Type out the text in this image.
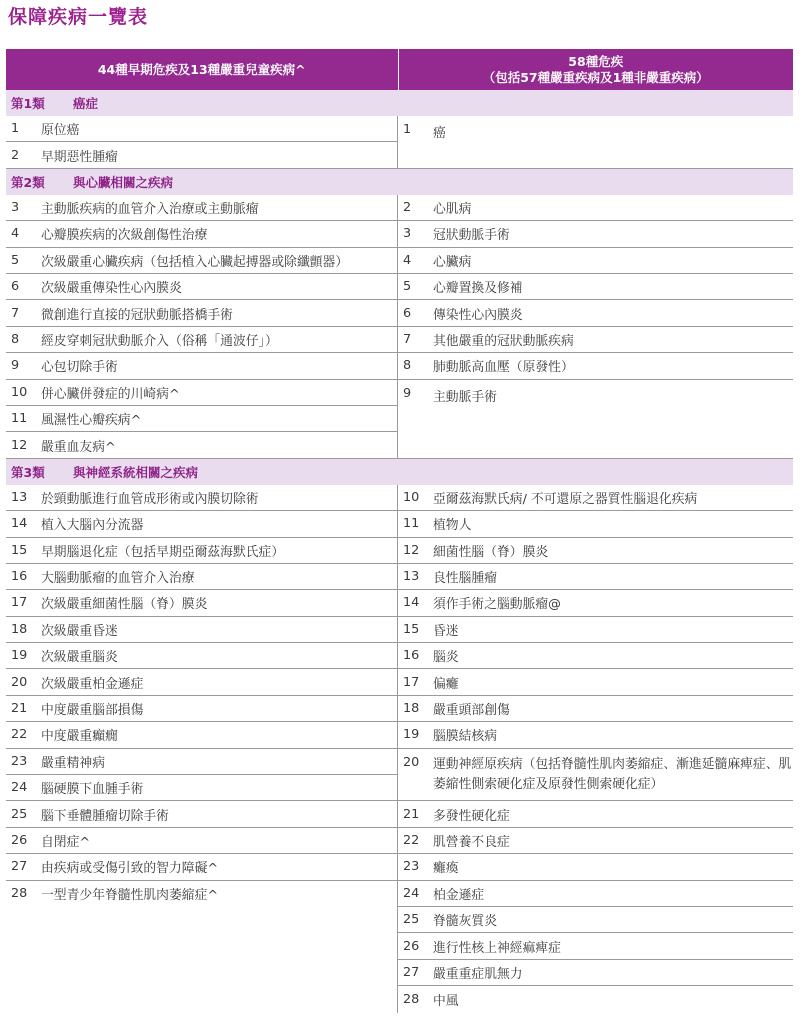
保障疾病一覽表
44種早期危疾及13種嚴重兒童疾病^
58種危疾
（包括57種嚴重疾病及1種非嚴重疾病）
第1類	癌症
1	原位癌
2	早期惡性腫瘤
1	癌
第2類	與心臟相關之疾病
3	主動脈疾病的血管介入治療或主動脈瘤
4	心瓣膜疾病的次級創傷性治療
5	次級嚴重心臟疾病（包括植入心臟起搏器或除纖顫器）
6	次級嚴重傳染性心內膜炎
7	微創進行直接的冠狀動脈搭橋手術
8	經皮穿刺冠狀動脈介入（俗稱「通波仔」）
9	心包切除手術
10	併心臟併發症的川崎病^
11	風濕性心瓣疾病^
12	嚴重血友病^
2	心肌病
3	冠狀動脈手術
4	心臟病
5	心瓣置換及修補
6	傳染性心內膜炎
7	其他嚴重的冠狀動脈疾病
8	肺動脈高血壓（原發性）
9	主動脈手術
第3類	與神經系統相關之疾病
13	於頸動脈進行血管成形術或內膜切除術
14	植入大腦內分流器
15	早期腦退化症（包括早期亞爾茲海默氏症）
16	大腦動脈瘤的血管介入治療
17	次級嚴重細菌性腦（脊）膜炎
18	次級嚴重昏迷
19	次級嚴重腦炎
20	次級嚴重柏金遜症
21	中度嚴重腦部損傷
22	中度嚴重癲癇
23	嚴重精神病
24	腦硬膜下血腫手術
25	腦下垂體腫瘤切除手術
26	自閉症^
27	由疾病或受傷引致的智力障礙^
28	一型青少年脊髓性肌肉萎縮症^
10	亞爾茲海默氏病/ 不可還原之器質性腦退化疾病
11	植物人
12	細菌性腦（脊）膜炎
13	良性腦腫瘤
14	須作手術之腦動脈瘤@
15	昏迷
16	腦炎
17	偏癱
18	嚴重頭部創傷
19	腦膜結核病
20	運動神經原疾病（包括脊髓性肌肉萎縮症、漸進延髓麻痺症、肌萎縮性側索硬化症及原發性側索硬化症）
21	多發性硬化症
22	肌營養不良症
23	癱瘓
24	柏金遜症
25	脊髓灰質炎
26	進行性核上神經痲痺症
27	嚴重重症肌無力
28	中風
